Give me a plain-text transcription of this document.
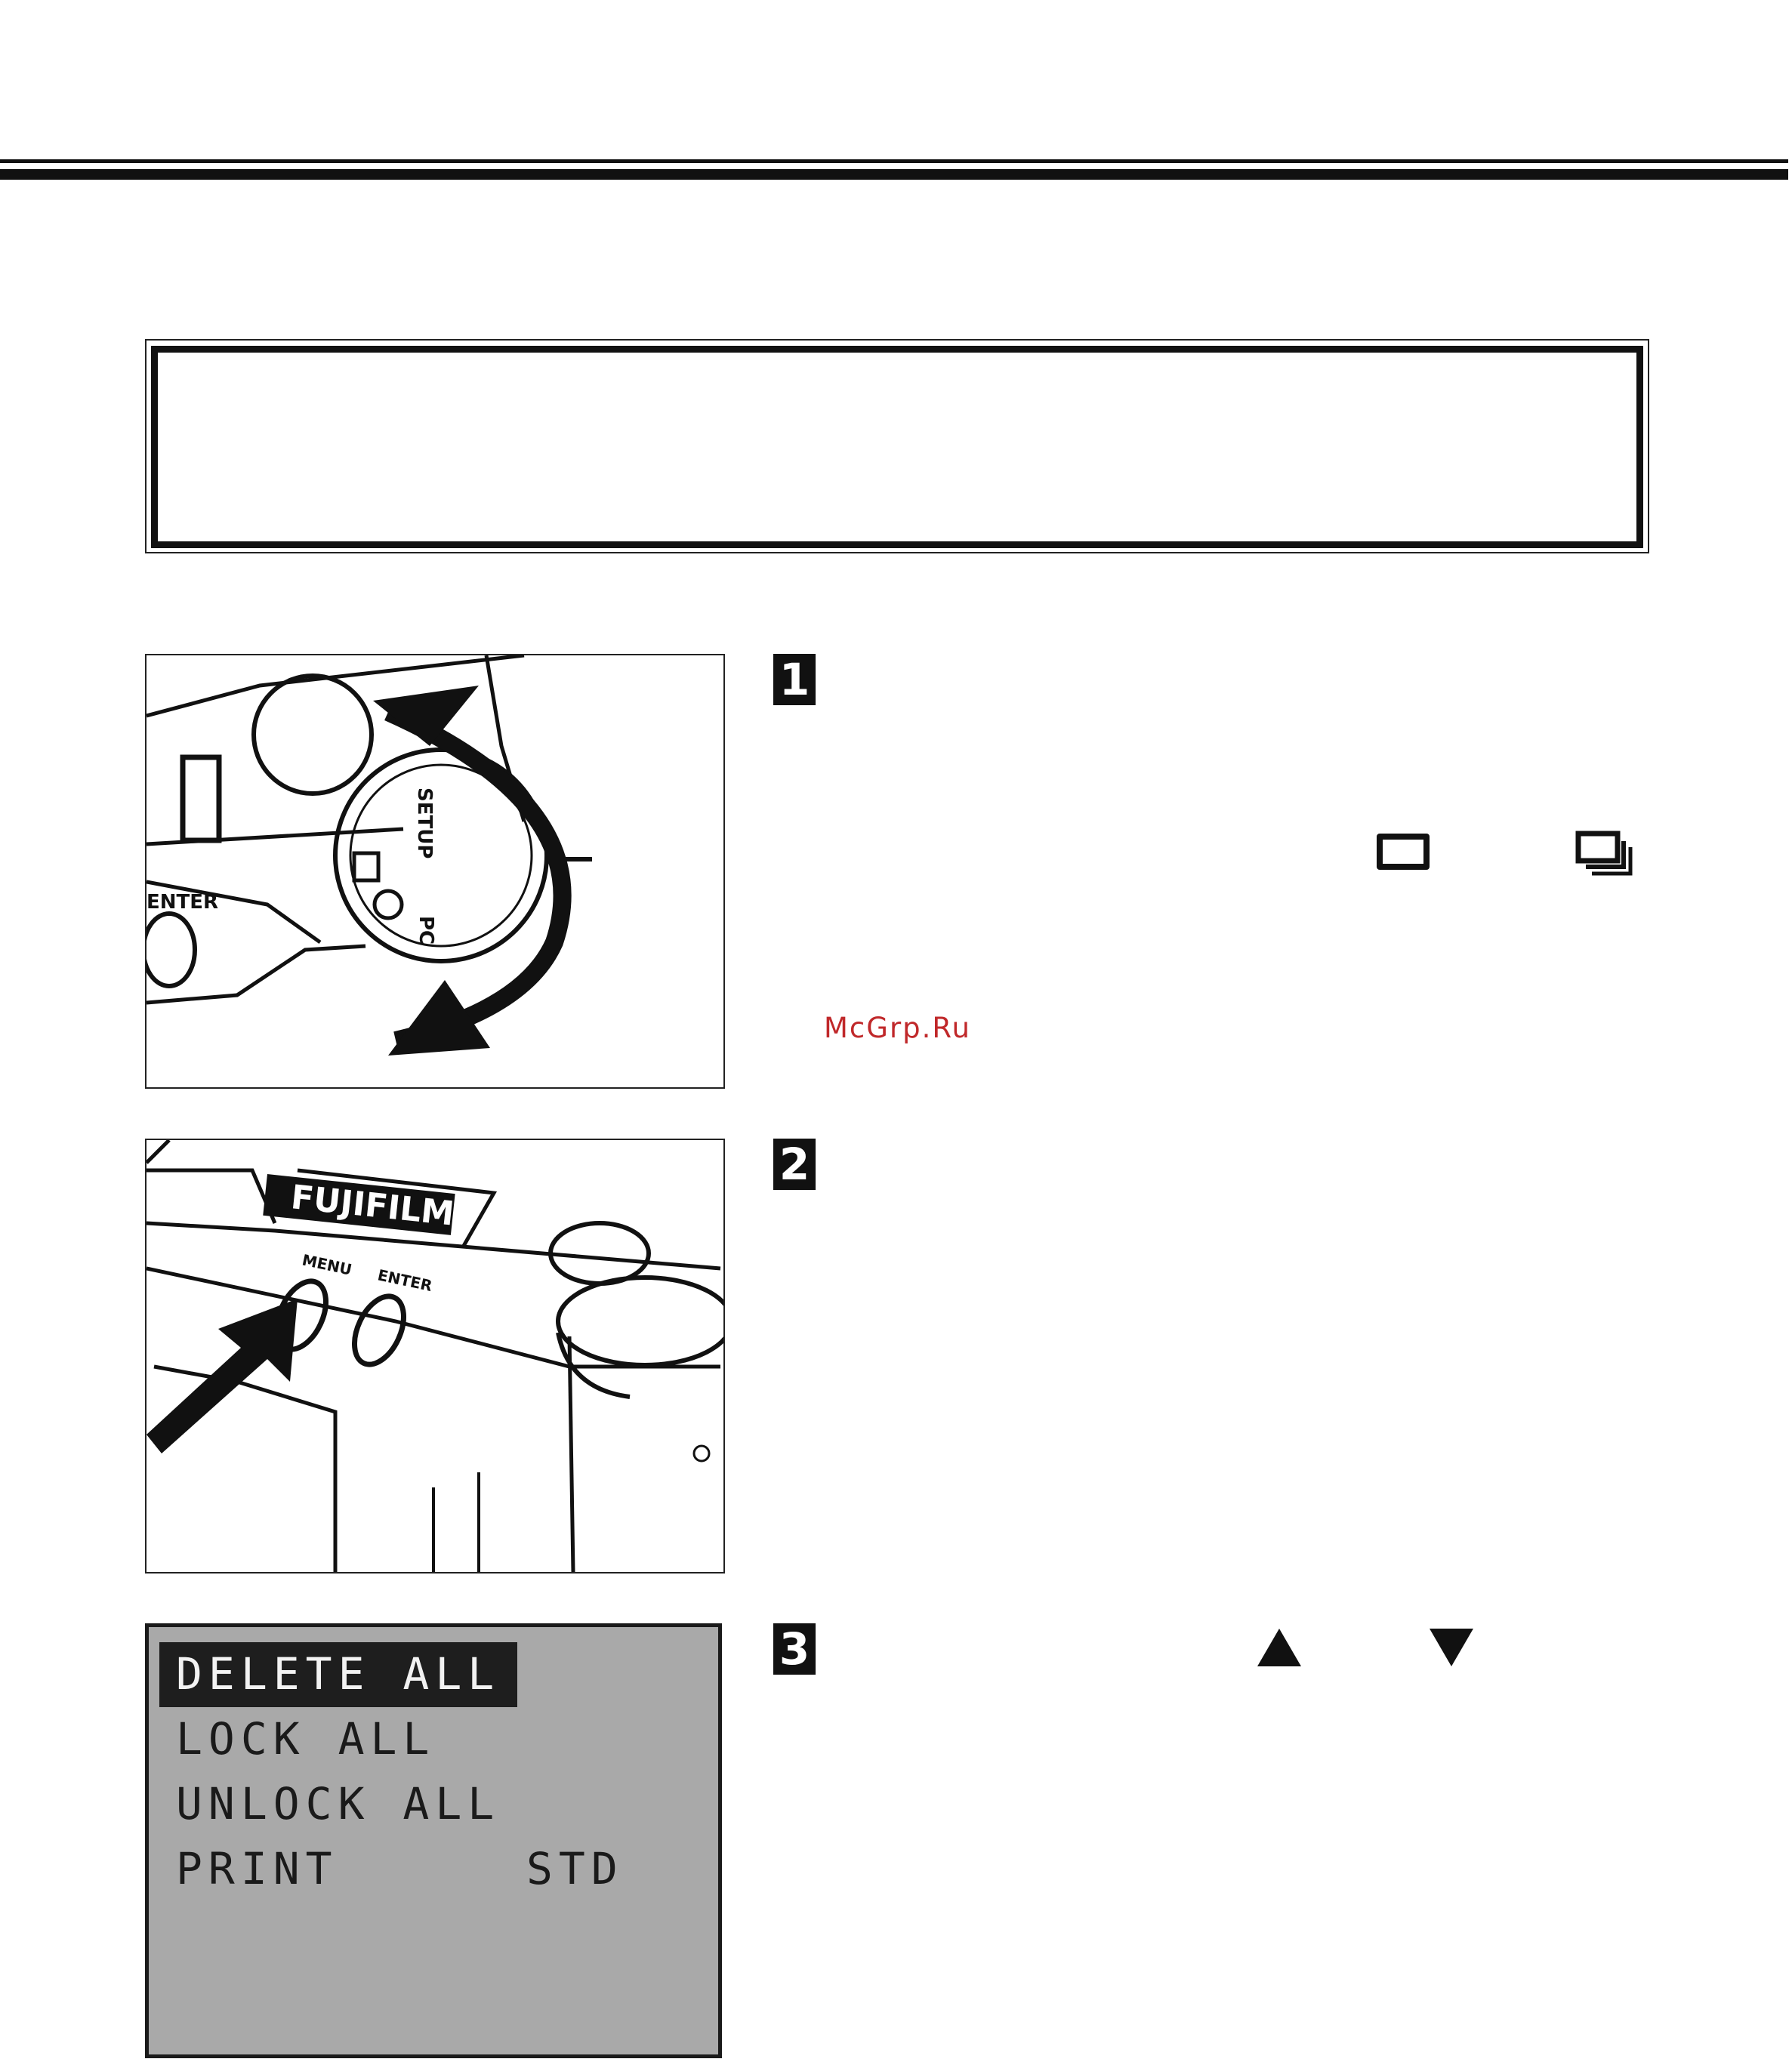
SETUP
PC
ENTER
FUJIFILM
MENU
ENTER
DELETE ALL
LOCK ALL
UNLOCK ALL
PRINT	STD
1
2
3
McGrp.Ru
